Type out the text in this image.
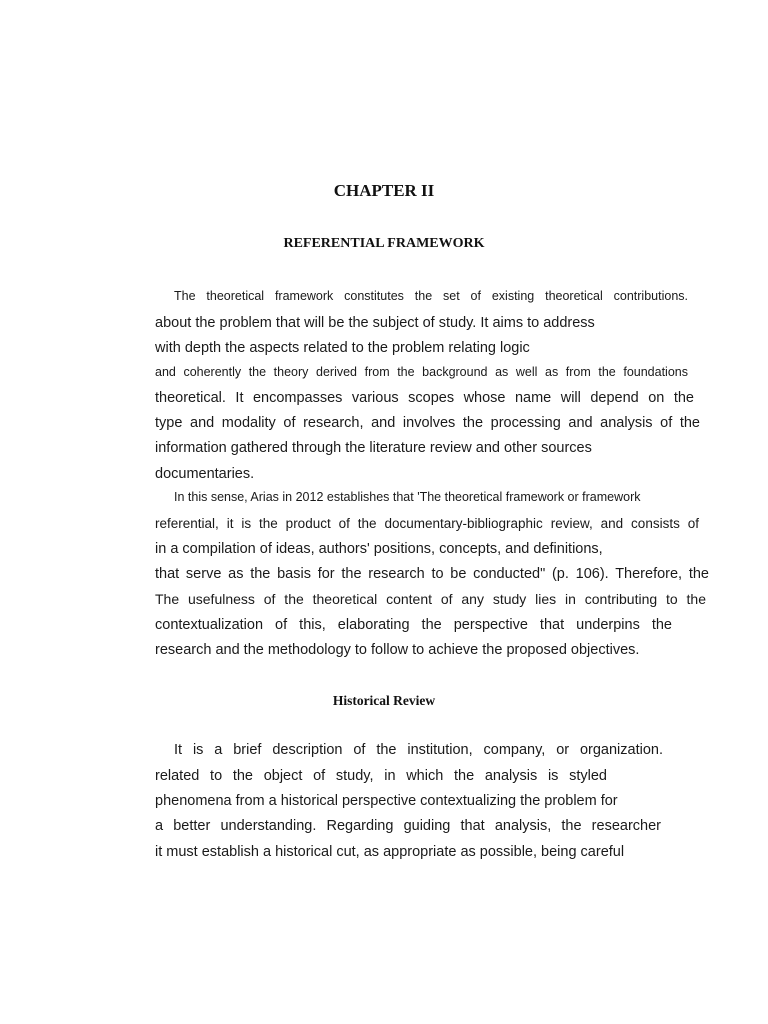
CHAPTER II
REFERENTIAL FRAMEWORK

The theoretical framework constitutes the set of existing theoretical contributions.

about the problem that will be the subject of study. It aims to address

with depth the aspects related to the problem relating logic

and coherently the theory derived from the background as well as from the foundations

theoretical. It encompasses various scopes whose name will depend on the

type and modality of research, and involves the processing and analysis of the

information gathered through the literature review and other sources

documentaries.

In this sense, Arias in 2012 establishes that 'The theoretical framework or framework

referential, it is the product of the documentary-bibliographic review, and consists of

in a compilation of ideas, authors' positions, concepts, and definitions,

that serve as the basis for the research to be conducted" (p. 106). Therefore, the

The usefulness of the theoretical content of any study lies in contributing to the

contextualization of this, elaborating the perspective that underpins the

research and the methodology to follow to achieve the proposed objectives.

Historical Review

It is a brief description of the institution, company, or organization.

related to the object of study, in which the analysis is styled

phenomena from a historical perspective contextualizing the problem for

a better understanding. Regarding guiding that analysis, the researcher

it must establish a historical cut, as appropriate as possible, being careful
